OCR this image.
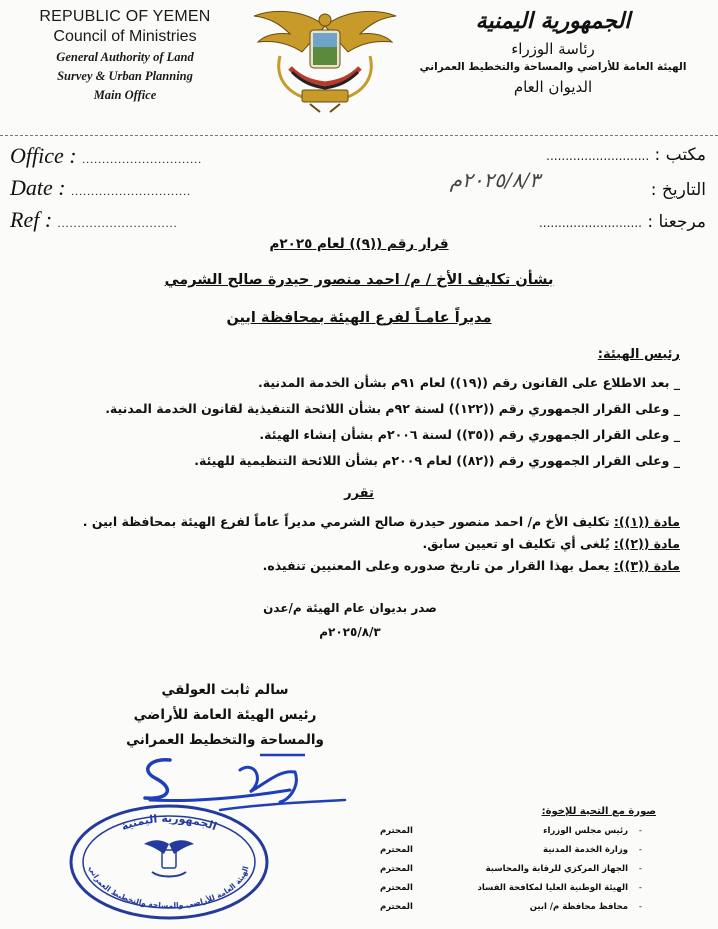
REPUBLIC OF YEMEN
Council of Ministries
General Authority of Land
Survey & Urban Planning
Main Office
الجمهورية اليمنية
رئاسة الوزراء
الهيئة العامة للأراضي والمساحة والتخطيط العمراني
الديوان العام
Office : ..............................
Date : ..............................
Ref : ..............................
مكتب : ...........................
التاريخ :
مرجعنا : ...........................
٢٠٢٥/٨/٣م
قرار رقم ((٩)) لعام ٢٠٢٥م
بشأن تكليف الأخ / م/ احمد منصور حيدرة صالح الشرمي
مديراً عامـاً لفرع الهيئة بمحافظة ابين
رئيس الهيئة:
_ بعد الاطلاع على القانون رقم ((١٩)) لعام ٩١م بشأن الخدمة المدنية.
_ وعلى القرار الجمهوري رقم ((١٢٢)) لسنة ٩٢م بشأن اللائحة التنفيذية لقانون الخدمة المدنية.
_ وعلى القرار الجمهوري رقم ((٣٥)) لسنة ٢٠٠٦م بشأن إنشاء الهيئة.
_ وعلى القرار الجمهوري رقم ((٨٢)) لعام ٢٠٠٩م بشأن اللائحة التنظيمية للهيئة.
تقرر
مادة ((١)): تكليف الأخ م/ احمد منصور حيدرة صالح الشرمي مديراً عاماً لفرع الهيئة بمحافظة ابين .
مادة ((٢)): يُلغى أي تكليف او تعيين سابق.
مادة ((٣)): يعمل بهذا القرار من تاريخ صدوره وعلى المعنيين تنفيذه.
صدر بديوان عام الهيئة م/عدن
٢٠٢٥/٨/٣م
سالم ثابت العولقي
رئيس الهيئة العامة للأراضي
والمساحة والتخطيط العمراني
الجمهورية اليمنية
الهيئة العامة للأراضي والمساحة والتخطيط العمراني
صورة مع التحية للإخوة:
-
رئيس مجلس الوزراء
المحترم
-
وزارة الخدمة المدنية
المحترم
-
الجهاز المركزي للرقابة والمحاسبة
المحترم
-
الهيئة الوطنية العليا لمكافحة الفساد
المحترم
-
محافظ محافظة م/ ابين
المحترم
